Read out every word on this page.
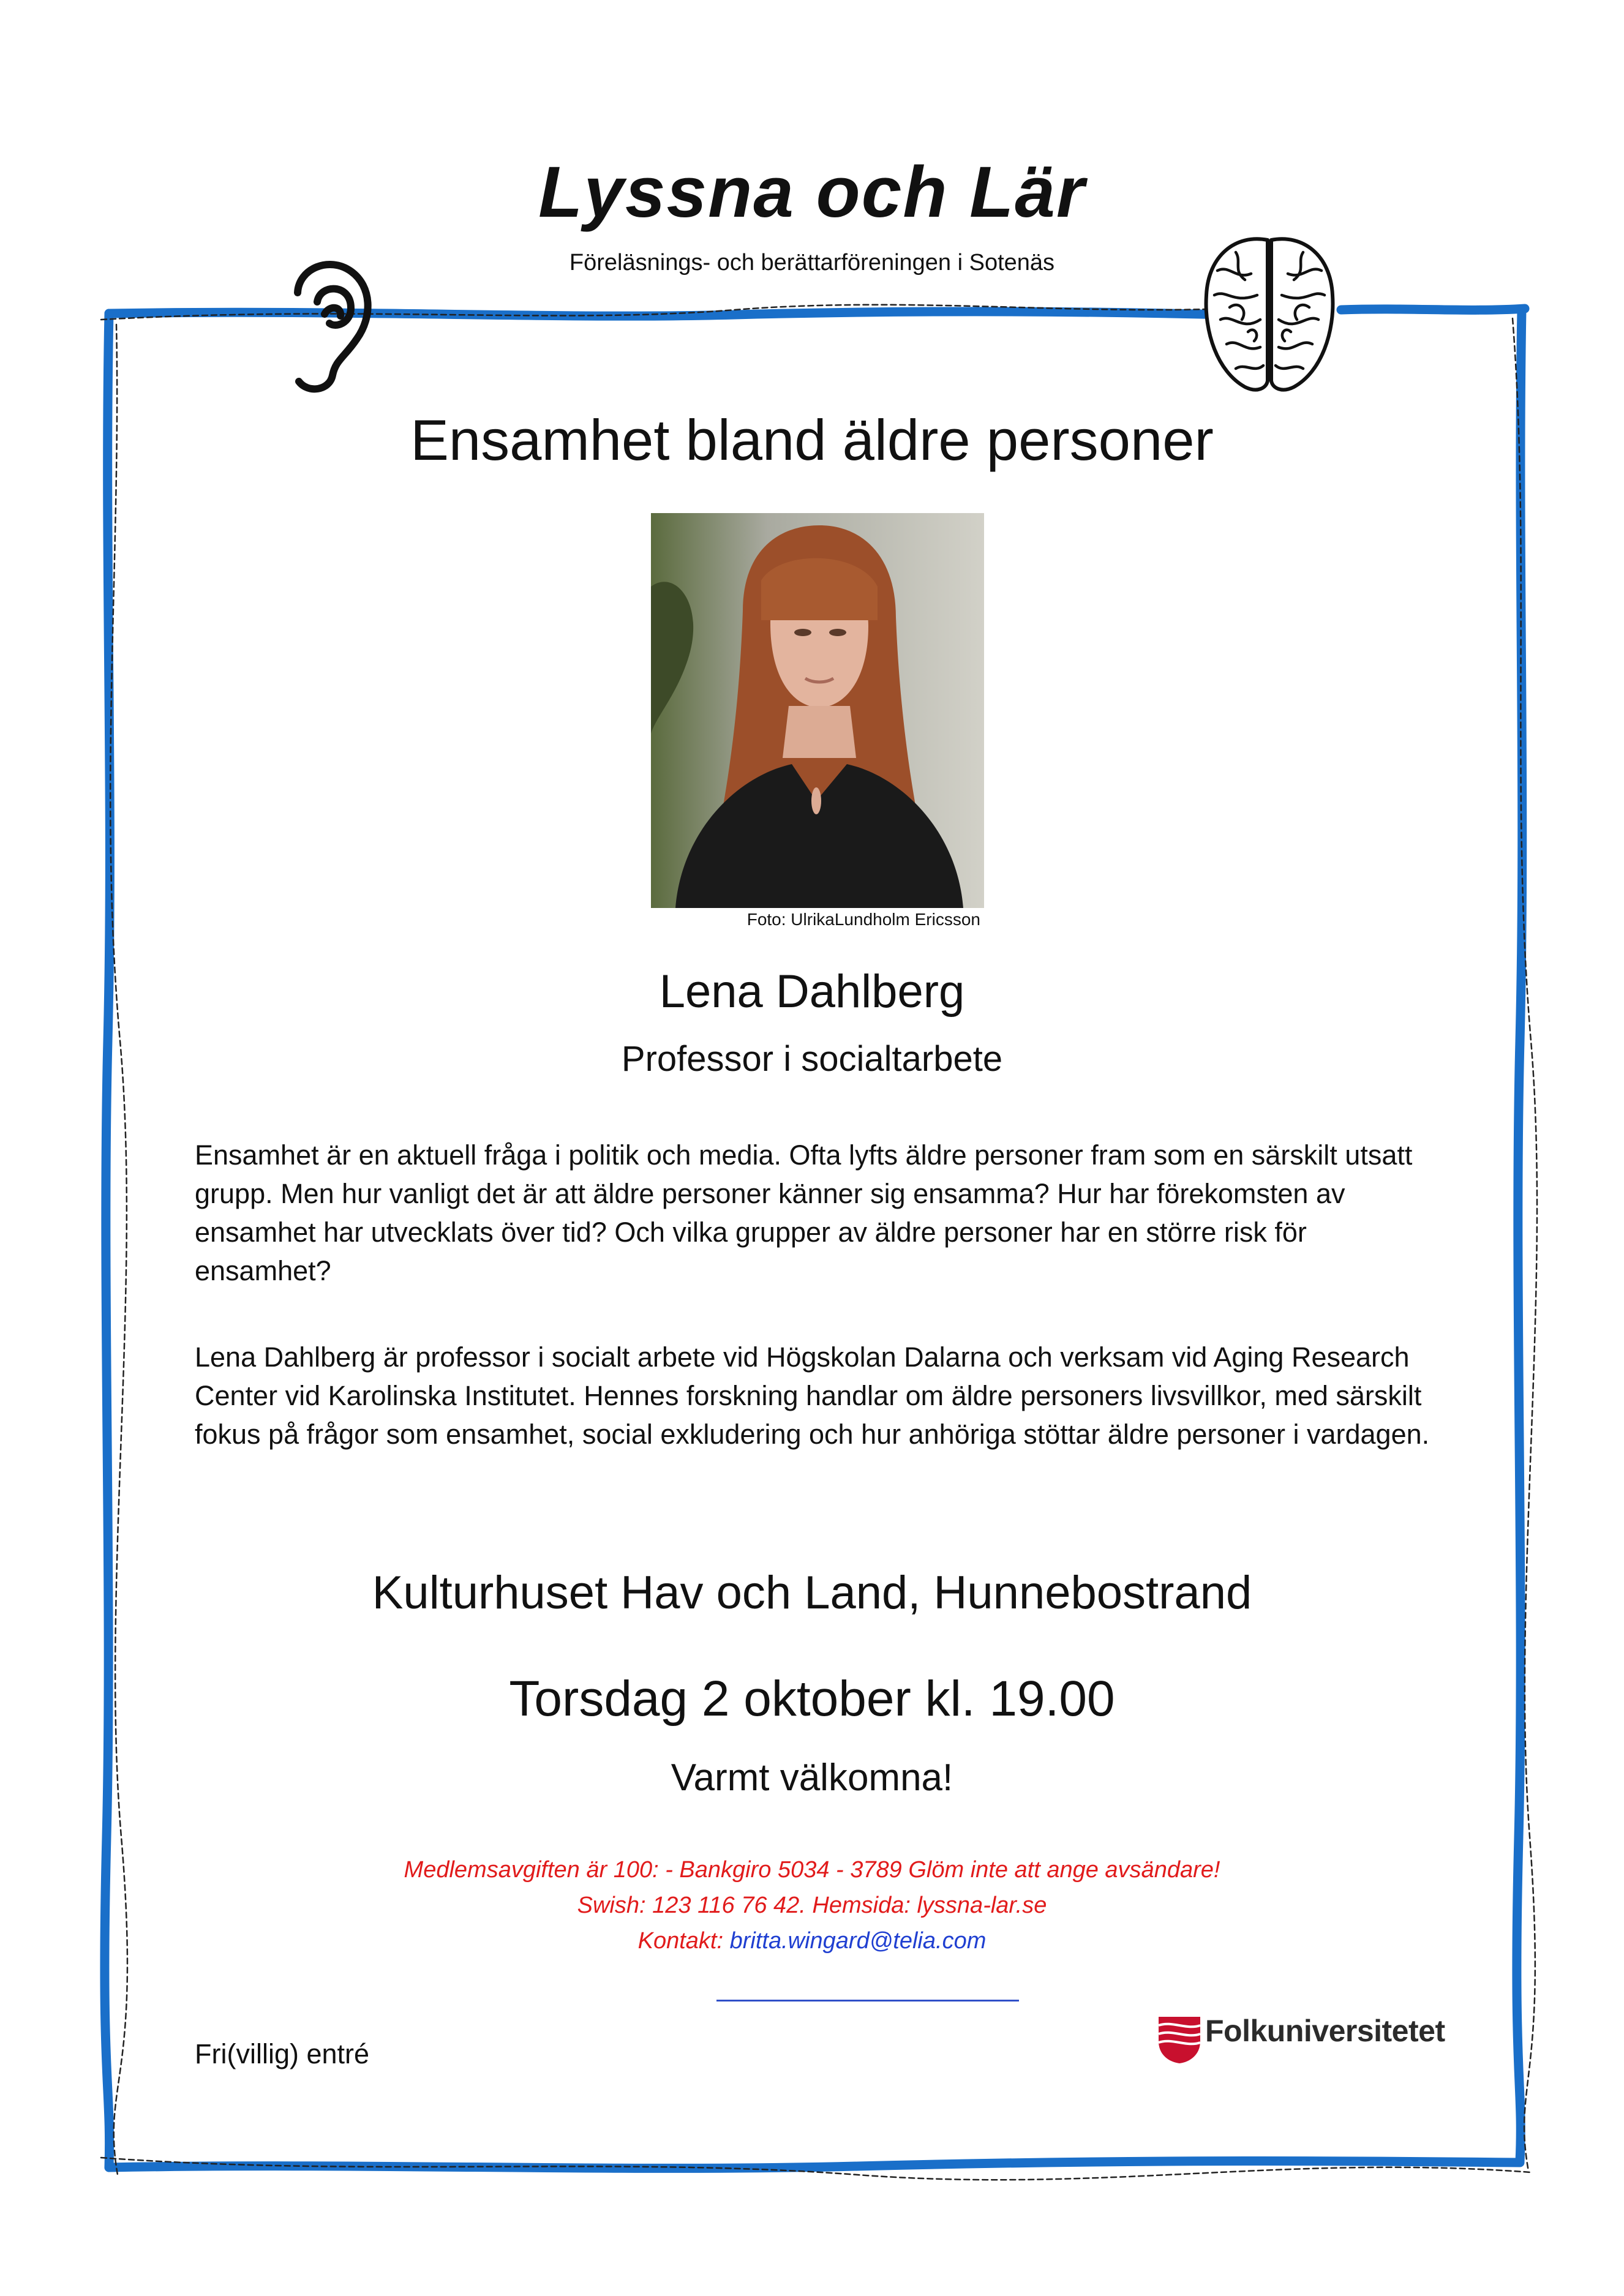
Lyssna och Lär
Föreläsnings- och berättarföreningen i Sotenäs
Ensamhet bland äldre personer
Foto: UlrikaLundholm Ericsson
Lena Dahlberg
Professor i socialtarbete
Ensamhet är en aktuell fråga i politik och media. Ofta lyfts äldre personer fram som en särskilt utsatt grupp. Men hur vanligt det är att äldre personer känner sig ensamma? Hur har förekomsten av ensamhet har utvecklats över tid? Och vilka grupper av äldre personer har en större risk för ensamhet?
Lena Dahlberg är professor i socialt arbete vid Högskolan Dalarna och verksam vid Aging Research Center vid Karolinska Institutet. Hennes forskning handlar om äldre personers livsvillkor, med särskilt fokus på frågor som ensamhet, social exkludering och hur anhöriga stöttar äldre personer i vardagen.
Kulturhuset Hav och Land, Hunnebostrand
Torsdag 2 oktober kl. 19.00
Varmt välkomna!
Medlemsavgiften är 100: - Bankgiro 5034 - 3789 Glöm inte att ange avsändare!
Swish: 123 116 76 42. Hemsida: lyssna-lar.se
Kontakt: britta.wingard@telia.com
Fri(villig) entré
Folkuniversitetet
